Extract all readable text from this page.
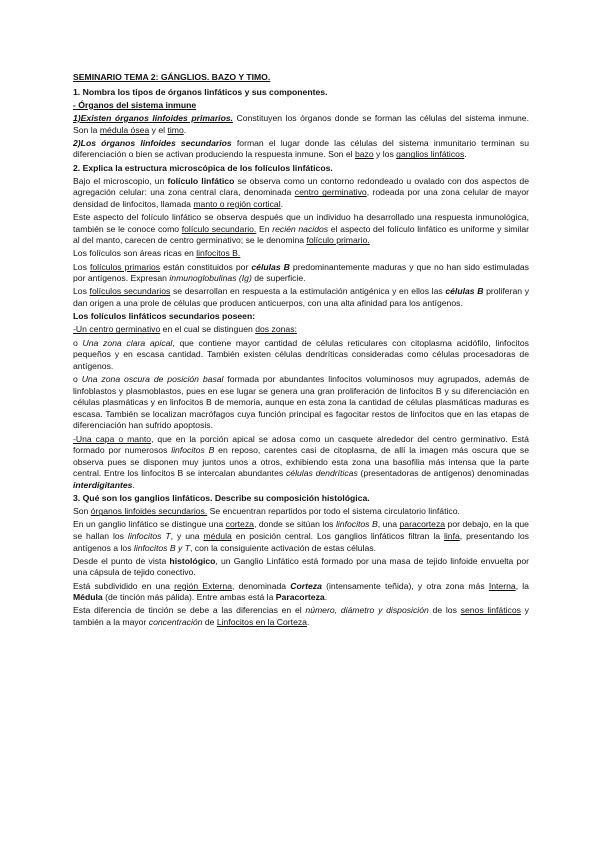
SEMINARIO TEMA 2: GÁNGLIOS. BAZO Y TIMO.

1. Nombra los tipos de órganos linfáticos y sus componentes.

- Órganos del sistema inmune

1)Existen órganos linfoides primarios. Constituyen los órganos donde se forman las células del sistema inmune. Son la médula ósea y el timo.

2)Los órganos linfoides secundarios forman el lugar donde las células del sistema inmunitario terminan su diferenciación o bien se activan produciendo la respuesta inmune. Son el bazo y los ganglios linfáticos.

2. Explica la estructura microscópica de los folículos linfáticos.

Bajo el microscopio, un folículo linfático se observa como un contorno redondeado u ovalado con dos aspectos de agregación celular: una zona central clara, denominada centro germinativo, rodeada por una zona celular de mayor densidad de linfocitos, llamada manto o región cortical.

Este aspecto del folículo linfático se observa después que un individuo ha desarrollado una respuesta inmunológica, también se le conoce como folículo secundario. En recién nacidos el aspecto del folículo linfático es uniforme y similar al del manto, carecen de centro germinativo; se le denomina folículo primario.

Los folículos son áreas ricas en linfocitos B.

Los folículos primarios están constituidos por células B predominantemente maduras y que no han sido estimuladas por antígenos. Expresan inmunoglobulinas (Ig) de superficie.

Los folículos secundarios se desarrollan en respuesta a la estimulación antigénica y en ellos las células B proliferan y dan origen a una prole de células que producen anticuerpos, con una alta afinidad para los antígenos.

Los folículos linfáticos secundarios poseen:

-Un centro germinativo en el cual se distinguen dos zonas:

o Una zona clara apical, que contiene mayor cantidad de células reticulares con citoplasma acidófilo, linfocitos pequeños y en escasa cantidad. También existen células dendríticas consideradas como células procesadoras de antígenos.

o Una zona oscura de posición basal formada por abundantes linfocitos voluminosos muy agrupados, además de linfoblastos y plasmoblastos, pues en ese lugar se genera una gran proliferación de linfocitos B y su diferenciación en células plasmáticas y en linfocitos B de memoria, aunque en esta zona la cantidad de células plasmáticas maduras es escasa. También se localizan macrófagos cuya función principal es fagocitar restos de linfocitos que en las etapas de diferenciación han sufrido apoptosis.

-Una capa o manto, que en la porción apical se adosa como un casquete alrededor del centro germinativo. Está formado por numerosos linfocitos B en reposo, carentes casi de citoplasma, de allí la imagen más oscura que se observa pues se disponen muy juntos unos a otros, exhibiendo esta zona una basofilia más intensa que la parte central. Entre los linfocitos B se intercalan abundantes células dendríticas (presentadoras de antígenos) denominadas interdigitantes.

3. Qué son los ganglios linfáticos. Describe su composición histológica.

Son órganos linfoides secundarios. Se encuentran repartidos por todo el sistema circulatorio linfático.

En un ganglio linfático se distingue una corteza, donde se sitúan los linfocitos B, una paracorteza por debajo, en la que se hallan los linfocitos T, y una médula en posición central. Los ganglios linfáticos filtran la linfa, presentando los antígenos a los linfocitos B y T, con la consiguiente activación de estas células.

Desde el punto de vista histológico, un Ganglio Linfático está formado por una masa de tejido linfoide envuelta por una cápsula de tejido conectivo.

Está subdividido en una región Externa, denominada Corteza (intensamente teñida), y otra zona más Interna, la Médula (de tinción más pálida). Entre ambas está la Paracorteza.

Esta diferencia de tinción se debe a las diferencias en el número, diámetro y disposición de los senos linfáticos y también a la mayor concentración de Linfocitos en la Corteza.
